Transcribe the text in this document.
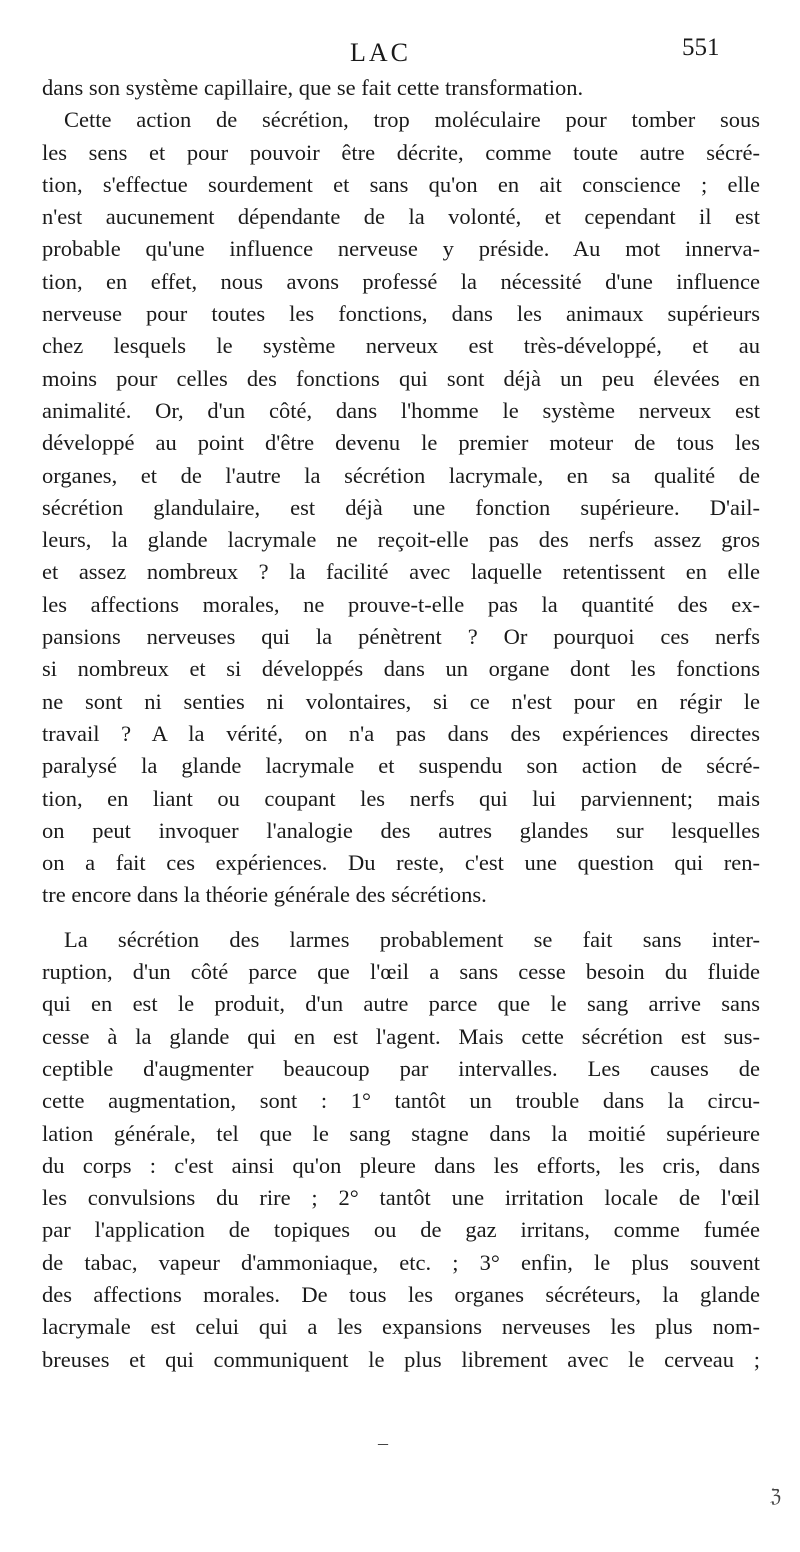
LAC	551
dans son système capillaire, que se fait cette transformation.
Cette action de sécrétion, trop moléculaire pour tomber sous
les sens et pour pouvoir être décrite, comme toute autre sécré-
tion, s'effectue sourdement et sans qu'on en ait conscience ; elle
n'est aucunement dépendante de la volonté, et cependant il est
probable qu'une influence nerveuse y préside. Au mot innerva-
tion, en effet, nous avons professé la nécessité d'une influence
nerveuse pour toutes les fonctions, dans les animaux supérieurs
chez lesquels le système nerveux est très-développé, et au
moins pour celles des fonctions qui sont déjà un peu élevées en
animalité. Or, d'un côté, dans l'homme le système nerveux est
développé au point d'être devenu le premier moteur de tous les
organes, et de l'autre la sécrétion lacrymale, en sa qualité de
sécrétion glandulaire, est déjà une fonction supérieure. D'ail-
leurs, la glande lacrymale ne reçoit-elle pas des nerfs assez gros
et assez nombreux ? la facilité avec laquelle retentissent en elle
les affections morales, ne prouve-t-elle pas la quantité des ex-
pansions nerveuses qui la pénètrent ? Or pourquoi ces nerfs
si nombreux et si développés dans un organe dont les fonctions
ne sont ni senties ni volontaires, si ce n'est pour en régir le
travail ? A la vérité, on n'a pas dans des expériences directes
paralysé la glande lacrymale et suspendu son action de sécré-
tion, en liant ou coupant les nerfs qui lui parviennent; mais
on peut invoquer l'analogie des autres glandes sur lesquelles
on a fait ces expériences. Du reste, c'est une question qui ren-
tre encore dans la théorie générale des sécrétions.
La sécrétion des larmes probablement se fait sans inter-
ruption, d'un côté parce que l'œil a sans cesse besoin du fluide
qui en est le produit, d'un autre parce que le sang arrive sans
cesse à la glande qui en est l'agent. Mais cette sécrétion est sus-
ceptible d'augmenter beaucoup par intervalles. Les causes de
cette augmentation, sont : 1° tantôt un trouble dans la circu-
lation générale, tel que le sang stagne dans la moitié supérieure
du corps : c'est ainsi qu'on pleure dans les efforts, les cris, dans
les convulsions du rire ; 2° tantôt une irritation locale de l'œil
par l'application de topiques ou de gaz irritans, comme fumée
de tabac, vapeur d'ammoniaque, etc. ; 3° enfin, le plus souvent
des affections morales. De tous les organes sécréteurs, la glande
lacrymale est celui qui a les expansions nerveuses les plus nom-
breuses et qui communiquent le plus librement avec le cerveau ;
–
ℨ
